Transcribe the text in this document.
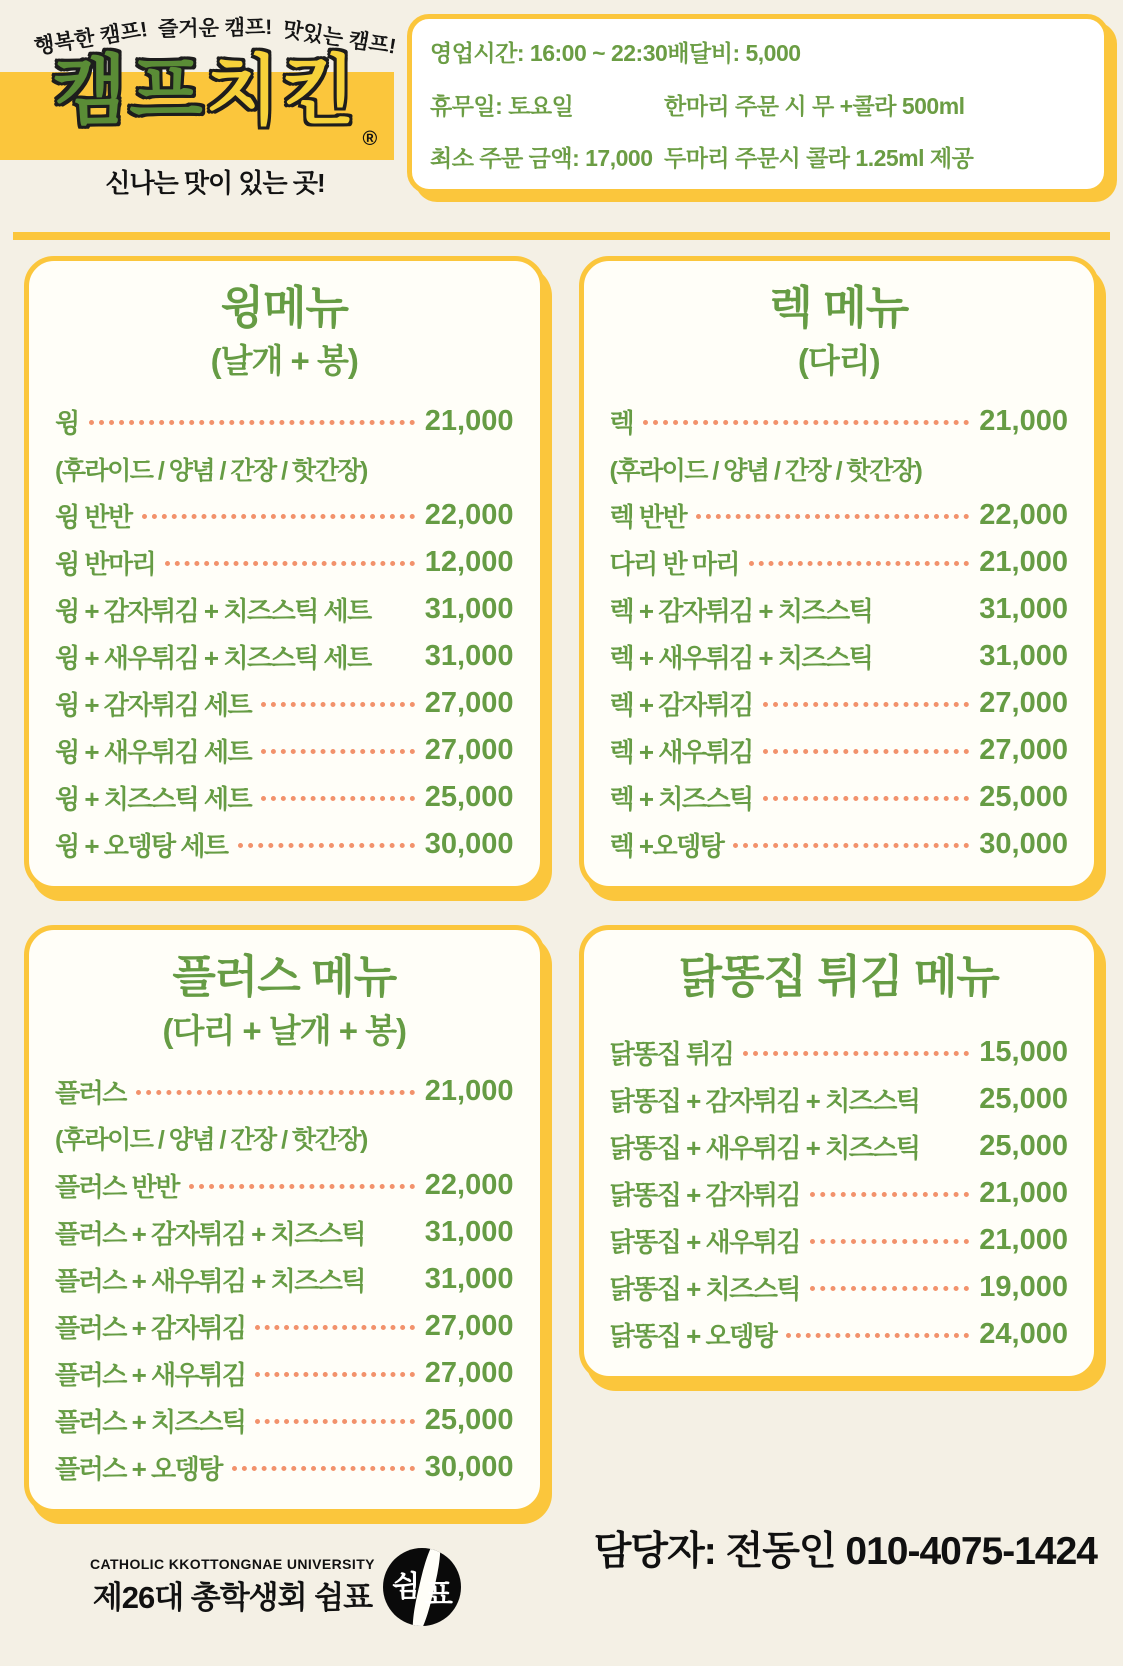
행복한 캠프! 즐거운 캠프! 맛있는 캠프!
캠프치킨$_®$
신나는 맛이 있는 곳!
영업시간: 16:00 ~ 22:30 배달비: 5,000
휴무일: 토요일	한마리 주문 시 무 +콜라 500ml
최소 주문 금액: 17,000 두마리 주문시 콜라 1.25ml 제공
윙메뉴
(날개 + 봉)
윙	21,000
(후라이드 / 양념 / 간장 / 핫간장)
윙 반반	22,000
윙 반마리	12,000
윙 + 감자튀김 + 치즈스틱 세트 31,000
윙 + 새우튀김 + 치즈스틱 세트 31,000
윙 + 감자튀김 세트	27,000
윙 + 새우튀김 세트	27,000
윙 + 치즈스틱 세트	25,000
윙 + 오뎅탕 세트	30,000
렉 메뉴
(다리)
렉	21,000
(후라이드 / 양념 / 간장 / 핫간장)
렉 반반	22,000
다리 반 마리	21,000
렉 + 감자튀김 + 치즈스틱	31,000
렉 + 새우튀김 + 치즈스틱	31,000
렉 + 감자튀김	27,000
렉 + 새우튀김	27,000
렉 + 치즈스틱	25,000
렉 +오뎅탕	30,000
플러스 메뉴
(다리 + 날개 + 봉)
플러스	21,000
(후라이드 / 양념 / 간장 / 핫간장)
플러스 반반	22,000
플러스 + 감자튀김 + 치즈스틱 31,000
플러스 + 새우튀김 + 치즈스틱 31,000
플러스 + 감자튀김	27,000
플러스 + 새우튀김	27,000
플러스 + 치즈스틱	25,000
플러스 + 오뎅탕	30,000
닭똥집 튀김 메뉴
닭똥집 튀김	15,000
닭똥집 + 감자튀김 + 치즈스틱 25,000
닭똥집 + 새우튀김 + 치즈스틱 25,000
닭똥집 + 감자튀김	21,000
닭똥집 + 새우튀김	21,000
닭똥집 + 치즈스틱	19,000
닭똥집 + 오뎅탕	24,000
담당자: 전동인 010-4075-1424
CATHOLIC KKOTTONGNAE UNIVERSITY
제26대 총학생회 쉼표 쉼 표
